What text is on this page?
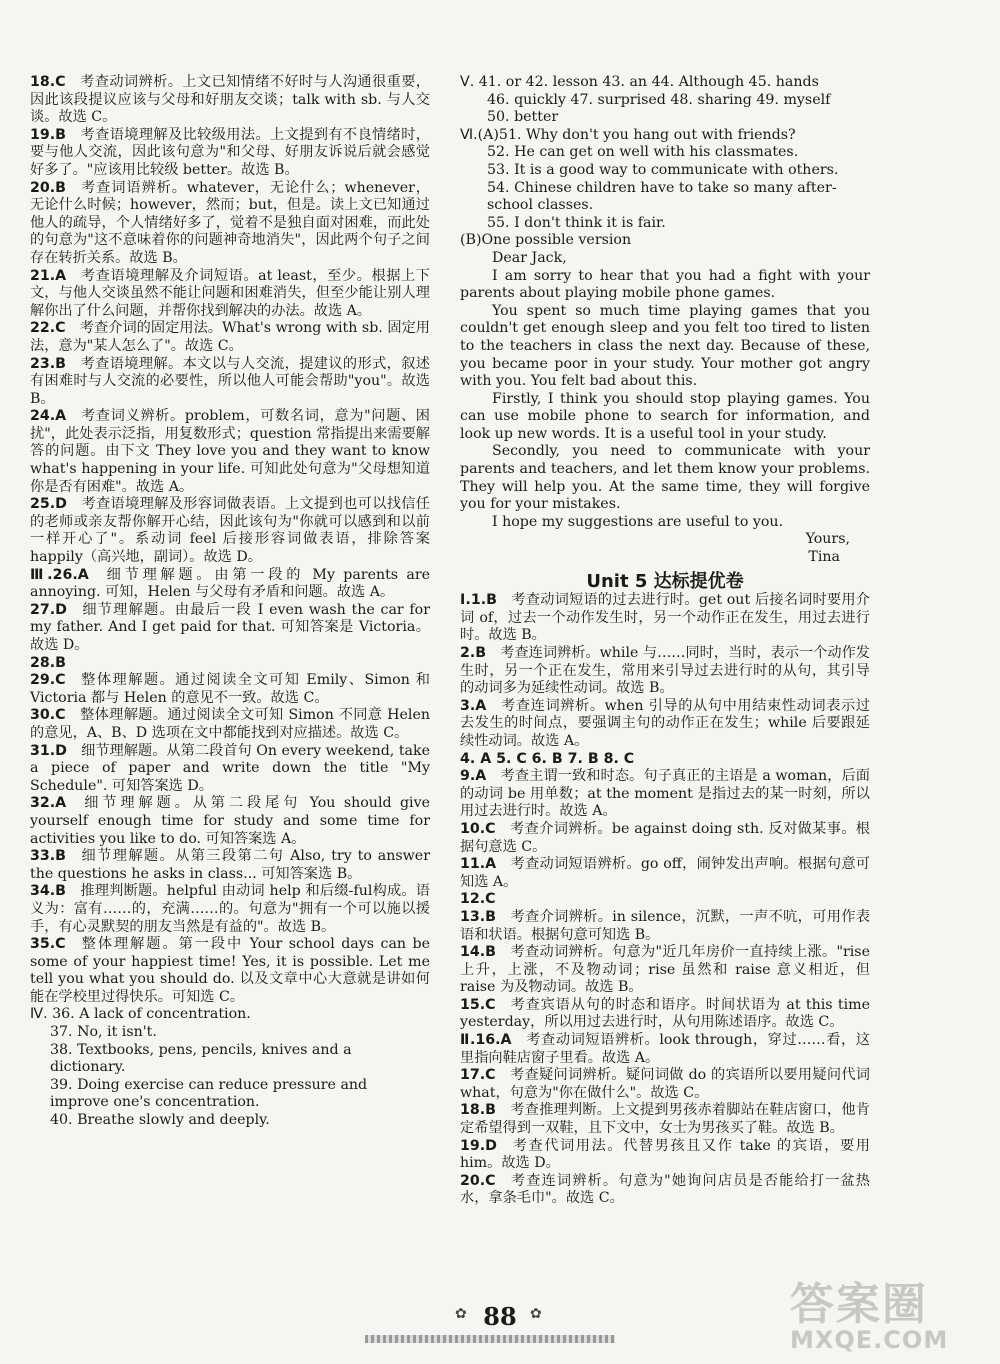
18.C  考查动词辨析。上文已知情绪不好时与人沟通很重要，因此该段提议应该与父母和好朋友交谈；talk with sb. 与人交谈。故选 C。
19.B  考查语境理解及比较级用法。上文提到有不良情绪时，要与他人交流，因此该句意为"和父母、好朋友诉说后就会感觉好多了。"应该用比较级 better。故选 B。
20.B  考查词语辨析。whatever，无论什么；whenever，无论什么时候；however，然而；but，但是。读上文已知通过他人的疏导，个人情绪好多了，觉着不是独自面对困难，而此处的句意为"这不意味着你的问题神奇地消失"，因此两个句子之间存在转折关系。故选 B。
21.A  考查语境理解及介词短语。at least，至少。根据上下文，与他人交谈虽然不能让问题和困难消失，但至少能让别人理解你出了什么问题，并帮你找到解决的办法。故选 A。
22.C  考查介词的固定用法。What's wrong with sb. 固定用法，意为"某人怎么了"。故选 C。
23.B  考查语境理解。本文以与人交流，提建议的形式，叙述有困难时与人交流的必要性，所以他人可能会帮助"you"。故选 B。
24.A  考查词义辨析。problem，可数名词，意为"问题、困扰"，此处表示泛指，用复数形式；question 常指提出来需要解答的问题。由下文 They love you and they want to know what's happening in your life. 可知此处句意为"父母想知道你是否有困难"。故选 A。
25.D  考查语境理解及形容词做表语。上文提到也可以找信任的老师或亲友帮你解开心结，因此该句为"你就可以感到和以前一样开心了"。系动词 feel 后接形容词做表语，排除答案 happily（高兴地，副词）。故选 D。
Ⅲ.26.A  细节理解题。由第一段的 My parents are annoying. 可知，Helen 与父母有矛盾和问题。故选 A。
27.D  细节理解题。由最后一段 I even wash the car for my father. And I get paid for that. 可知答案是 Victoria。故选 D。
28.B
29.C  整体理解题。通过阅读全文可知 Emily、Simon 和 Victoria 都与 Helen 的意见不一致。故选 C。
30.C  整体理解题。通过阅读全文可知 Simon 不同意 Helen 的意见，A、B、D 选项在文中都能找到对应描述。故选 C。
31.D  细节理解题。从第二段首句 On every weekend, take a piece of paper and write down the title "My Schedule". 可知答案选 D。
32.A  细节理解题。从第二段尾句 You should give yourself enough time for study and some time for activities you like to do. 可知答案选 A。
33.B  细节理解题。从第三段第二句 Also, try to answer the questions he asks in class... 可知答案选 B。
34.B  推理判断题。helpful 由动词 help 和后缀-ful构成。语义为：富有……的，充满……的。句意为"拥有一个可以施以援手，有心灵默契的朋友当然是有益的"。故选 B。
35.C  整体理解题。第一段中 Your school days can be some of your happiest time! Yes, it is possible. Let me tell you what you should do. 以及文章中心大意就是讲如何能在学校里过得快乐。可知选 C。
Ⅳ. 36. A lack of concentration.
37. No, it isn't.
38. Textbooks, pens, pencils, knives and a dictionary.
39. Doing exercise can reduce pressure and improve one's concentration.
40. Breathe slowly and deeply.
Ⅴ. 41. or 42. lesson 43. an 44. Although 45. hands
46. quickly 47. surprised 48. sharing 49. myself
50. better
Ⅵ.(A)51. Why don't you hang out with friends?
52. He can get on well with his classmates.
53. It is a good way to communicate with others.
54. Chinese children have to take so many after-school classes.
55. I don't think it is fair.
(B)One possible version

Dear Jack,

I am sorry to hear that you had a fight with your parents about playing mobile phone games.

You spent so much time playing games that you couldn't get enough sleep and you felt too tired to listen to the teachers in class the next day. Because of these, you became poor in your study. Your mother got angry with you. You felt bad about this.

Firstly, I think you should stop playing games. You can use mobile phone to search for information, and look up new words. It is a useful tool in your study.

Secondly, you need to communicate with your parents and teachers, and let them know your problems. They will help you. At the same time, they will forgive you for your mistakes.

I hope my suggestions are useful to you.

Yours,
Tina
Unit 5 达标提优卷
Ⅰ.1.B  考查动词短语的过去进行时。get out 后接名词时要用介词 of，过去一个动作发生时，另一个动作正在发生，用过去进行时。故选 B。
2.B  考查连词辨析。while 与……同时，当时，表示一个动作发生时，另一个正在发生，常用来引导过去进行时的从句，其引导的动词多为延续性动词。故选 B。
3.A  考查连词辨析。when 引导的从句中用结束性动词表示过去发生的时间点，要强调主句的动作正在发生；while 后要跟延续性动词。故选 A。
4. A 5. C 6. B 7. B 8. C
9.A  考查主谓一致和时态。句子真正的主语是 a woman，后面的动词 be 用单数；at the moment 是指过去的某一时刻，所以用过去进行时。故选 A。
10.C  考查介词辨析。be against doing sth. 反对做某事。根据句意选 C。
11.A  考查动词短语辨析。go off，闹钟发出声响。根据句意可知选 A。
12.C
13.B  考查介词辨析。in silence，沉默，一声不吭，可用作表语和状语。根据句意可知选 B。
14.B  考查动词辨析。句意为"近几年房价一直持续上涨。"rise 上升，上涨，不及物动词；rise 虽然和 raise 意义相近，但 raise 为及物动词。故选 B。
15.C  考查宾语从句的时态和语序。时间状语为 at this time yesterday，所以用过去进行时，从句用陈述语序。故选 C。
Ⅱ.16.A  考查动词短语辨析。look through，穿过……看，这里指向鞋店窗子里看。故选 A。
17.C  考查疑问词辨析。疑问词做 do 的宾语所以要用疑问代词 what，句意为"你在做什么"。故选 C。
18.B  考查推理判断。上文提到男孩赤着脚站在鞋店窗口，他肯定希望得到一双鞋，且下文中，女士为男孩买了鞋。故选 B。
19.D  考查代词用法。代替男孩且又作 take 的宾语，要用 him。故选 D。
20.C  考查连词辨析。句意为"她询问店员是否能给打一盆热水，拿条毛巾"。故选 C。
✿ 88 ✿	答案圈
MXQE.COM
